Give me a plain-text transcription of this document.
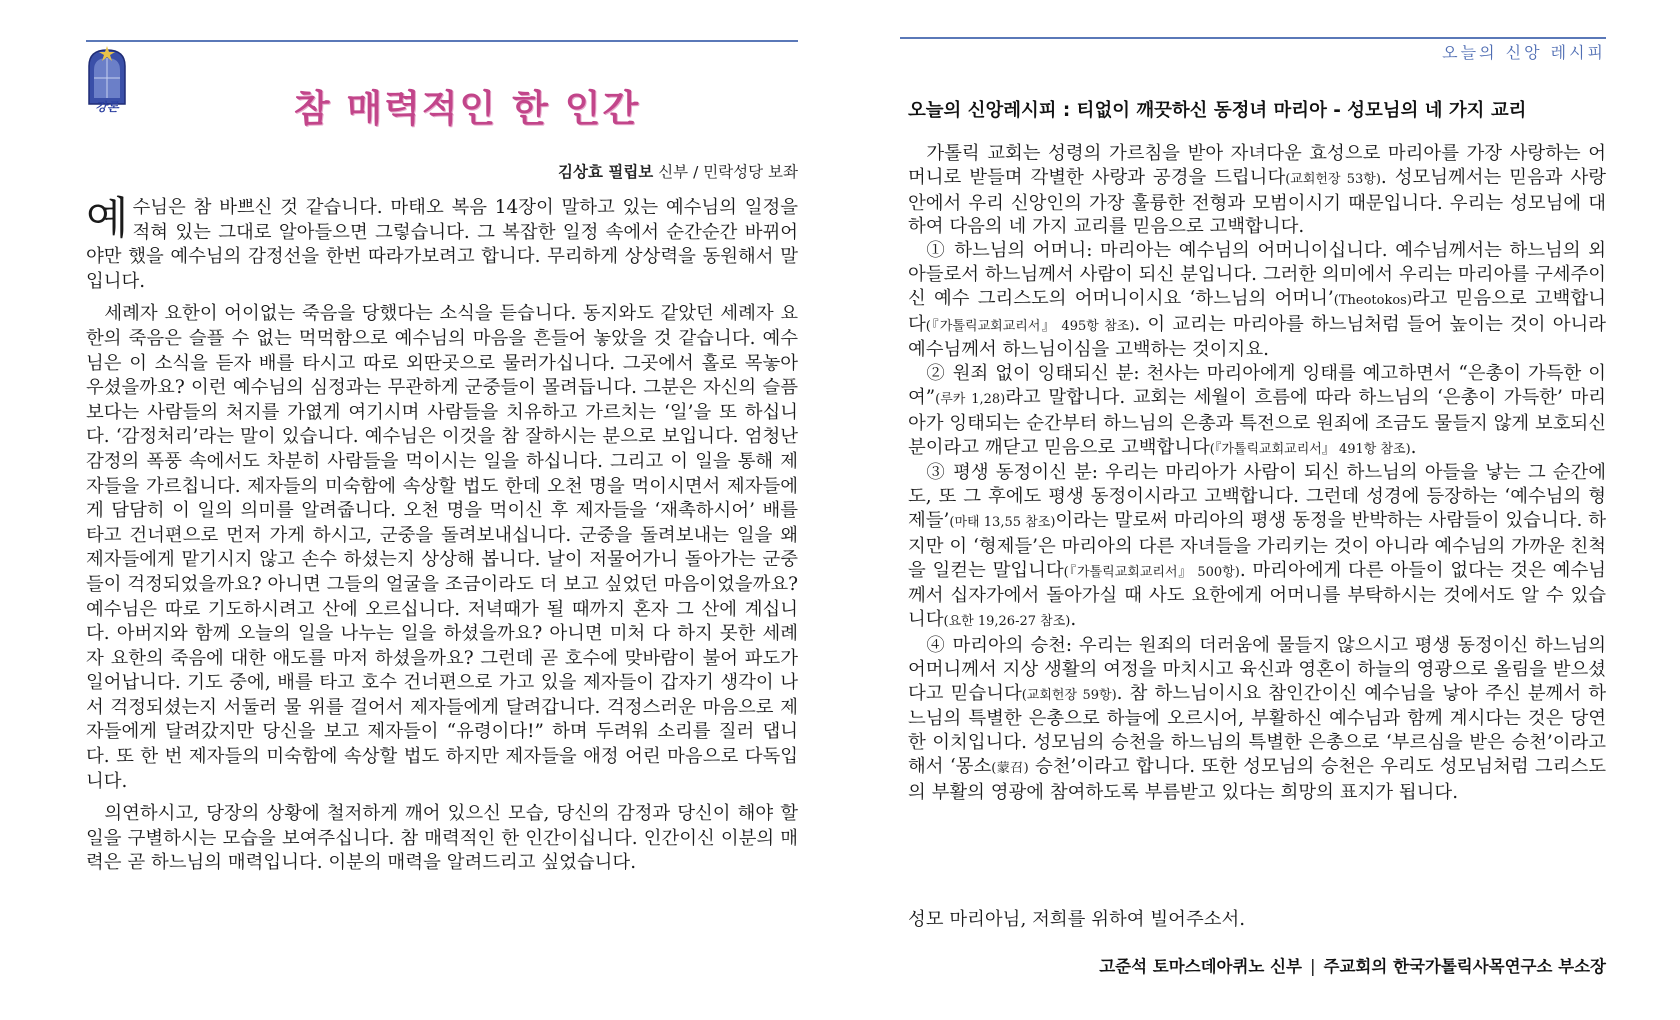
강론	참 매력적인 한 인간
김상효 필립보 신부 / 민락성당 보좌

예수님은 참 바쁘신 것 같습니다. 마태오 복음 14장이 말하고 있는 예수님의 일정을 적혀 있는 그대로 알아들으면 그렇습니다. 그 복잡한 일정 속에서 순간순간 바뀌어야만 했을 예수님의 감정선을 한번 따라가보려고 합니다. 무리하게 상상력을 동원해서 말입니다.

세례자 요한이 어이없는 죽음을 당했다는 소식을 듣습니다. 동지와도 같았던 세례자 요한의 죽음은 슬플 수 없는 먹먹함으로 예수님의 마음을 흔들어 놓았을 것 같습니다. 예수님은 이 소식을 듣자 배를 타시고 따로 외딴곳으로 물러가십니다. 그곳에서 홀로 목놓아 우셨을까요? 이런 예수님의 심정과는 무관하게 군중들이 몰려듭니다. 그분은 자신의 슬픔보다는 사람들의 처지를 가엾게 여기시며 사람들을 치유하고 가르치는 ‘일’을 또 하십니다. ‘감정처리’라는 말이 있습니다. 예수님은 이것을 참 잘하시는 분으로 보입니다. 엄청난 감정의 폭풍 속에서도 차분히 사람들을 먹이시는 일을 하십니다. 그리고 이 일을 통해 제자들을 가르칩니다. 제자들의 미숙함에 속상할 법도 한데 오천 명을 먹이시면서 제자들에게 담담히 이 일의 의미를 알려줍니다. 오천 명을 먹이신 후 제자들을 ‘재촉하시어’ 배를 타고 건너편으로 먼저 가게 하시고, 군중을 돌려보내십니다. 군중을 돌려보내는 일을 왜 제자들에게 맡기시지 않고 손수 하셨는지 상상해 봅니다. 날이 저물어가니 돌아가는 군중들이 걱정되었을까요? 아니면 그들의 얼굴을 조금이라도 더 보고 싶었던 마음이었을까요? 예수님은 따로 기도하시려고 산에 오르십니다. 저녁때가 될 때까지 혼자 그 산에 계십니다. 아버지와 함께 오늘의 일을 나누는 일을 하셨을까요? 아니면 미처 다 하지 못한 세례자 요한의 죽음에 대한 애도를 마저 하셨을까요? 그런데 곧 호수에 맞바람이 불어 파도가 일어납니다. 기도 중에, 배를 타고 호수 건너편으로 가고 있을 제자들이 갑자기 생각이 나서 걱정되셨는지 서둘러 물 위를 걸어서 제자들에게 달려갑니다. 걱정스러운 마음으로 제자들에게 달려갔지만 당신을 보고 제자들이 “유령이다!” 하며 두려워 소리를 질러 댑니다. 또 한 번 제자들의 미숙함에 속상할 법도 하지만 제자들을 애정 어린 마음으로 다독입니다.

의연하시고, 당장의 상황에 철저하게 깨어 있으신 모습, 당신의 감정과 당신이 해야 할 일을 구별하시는 모습을 보여주십니다. 참 매력적인 한 인간이십니다. 인간이신 이분의 매력은 곧 하느님의 매력입니다. 이분의 매력을 알려드리고 싶었습니다.

오늘의 신앙 레시피
오늘의 신앙레시피 : 티없이 깨끗하신 동정녀 마리아 - 성모님의 네 가지 교리

가톨릭 교회는 성령의 가르침을 받아 자녀다운 효성으로 마리아를 가장 사랑하는 어머니로 받들며 각별한 사랑과 공경을 드립니다(교회헌장 53항). 성모님께서는 믿음과 사랑 안에서 우리 신앙인의 가장 훌륭한 전형과 모범이시기 때문입니다. 우리는 성모님에 대하여 다음의 네 가지 교리를 믿음으로 고백합니다.

① 하느님의 어머니: 마리아는 예수님의 어머니이십니다. 예수님께서는 하느님의 외아들로서 하느님께서 사람이 되신 분입니다. 그러한 의미에서 우리는 마리아를 구세주이신 예수 그리스도의 어머니이시요 ‘하느님의 어머니’(Theotokos)라고 믿음으로 고백합니다(『가톨릭교회교리서』 495항 참조). 이 교리는 마리아를 하느님처럼 들어 높이는 것이 아니라 예수님께서 하느님이심을 고백하는 것이지요.

② 원죄 없이 잉태되신 분: 천사는 마리아에게 잉태를 예고하면서 “은총이 가득한 이여”(루카 1,28)라고 말합니다. 교회는 세월이 흐름에 따라 하느님의 ‘은총이 가득한’ 마리아가 잉태되는 순간부터 하느님의 은총과 특전으로 원죄에 조금도 물들지 않게 보호되신 분이라고 깨닫고 믿음으로 고백합니다(『가톨릭교회교리서』 491항 참조).

③ 평생 동정이신 분: 우리는 마리아가 사람이 되신 하느님의 아들을 낳는 그 순간에도, 또 그 후에도 평생 동정이시라고 고백합니다. 그런데 성경에 등장하는 ‘예수님의 형제들’(마태 13,55 참조)이라는 말로써 마리아의 평생 동정을 반박하는 사람들이 있습니다. 하지만 이 ‘형제들’은 마리아의 다른 자녀들을 가리키는 것이 아니라 예수님의 가까운 친척을 일컫는 말입니다(『가톨릭교회교리서』 500항). 마리아에게 다른 아들이 없다는 것은 예수님께서 십자가에서 돌아가실 때 사도 요한에게 어머니를 부탁하시는 것에서도 알 수 있습니다(요한 19,26-27 참조).

④ 마리아의 승천: 우리는 원죄의 더러움에 물들지 않으시고 평생 동정이신 하느님의 어머니께서 지상 생활의 여정을 마치시고 육신과 영혼이 하늘의 영광으로 올림을 받으셨다고 믿습니다(교회헌장 59항). 참 하느님이시요 참인간이신 예수님을 낳아 주신 분께서 하느님의 특별한 은총으로 하늘에 오르시어, 부활하신 예수님과 함께 계시다는 것은 당연한 이치입니다. 성모님의 승천을 하느님의 특별한 은총으로 ‘부르심을 받은 승천’이라고 해서 ‘몽소(蒙召) 승천’이라고 합니다. 또한 성모님의 승천은 우리도 성모님처럼 그리스도의 부활의 영광에 참여하도록 부름받고 있다는 희망의 표지가 됩니다.

성모 마리아님, 저희를 위하여 빌어주소서.
고준석 토마스데아퀴노 신부 | 주교회의 한국가톨릭사목연구소 부소장
